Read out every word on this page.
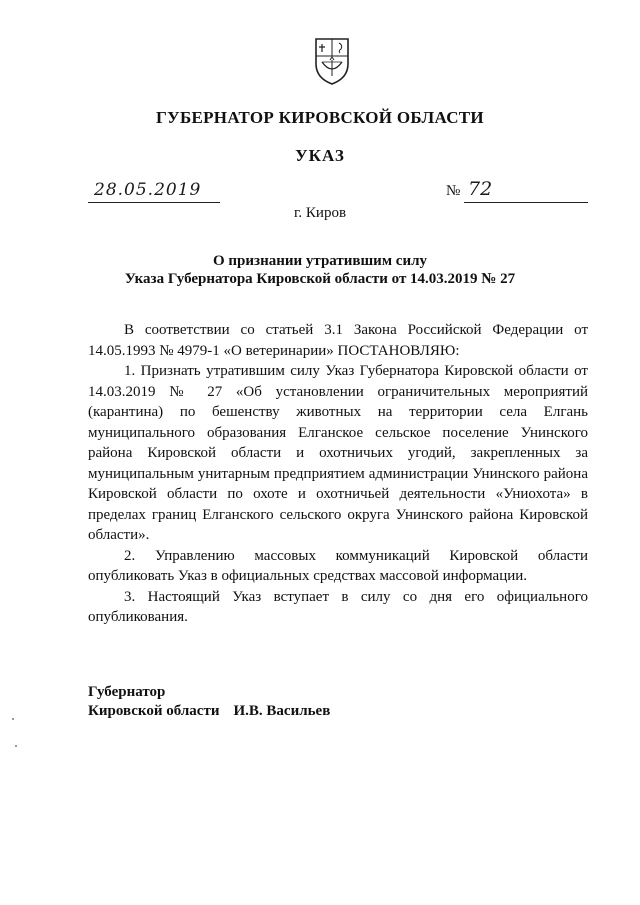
ГУБЕРНАТОР КИРОВСКОЙ ОБЛАСТИ
УКАЗ
28.05.2019	№ 72
г. Киров
О признании утратившим силу
Указа Губернатора Кировской области от 14.03.2019 № 27

В соответствии со статьей 3.1 Закона Российской Федерации от 14.05.1993 № 4979-1 «О ветеринарии» ПОСТАНОВЛЯЮ:

1. Признать утратившим силу Указ Губернатора Кировской области от 14.03.2019 № 27 «Об установлении ограничительных мероприятий (карантина) по бешенству животных на территории села Елгань муниципального образования Елганское сельское поселение Унинского района Кировской области и охотничьих угодий, закрепленных за муниципальным унитарным предприятием администрации Унинского района Кировской области по охоте и охотничьей деятельности «Униохота» в пределах границ Елганского сельского округа Унинского района Кировской области».

2. Управлению массовых коммуникаций Кировской области опубликовать Указ в официальных средствах массовой информации.

3. Настоящий Указ вступает в силу со дня его официального опубликования.

Губернатор
Кировской области И.В. Васильев
